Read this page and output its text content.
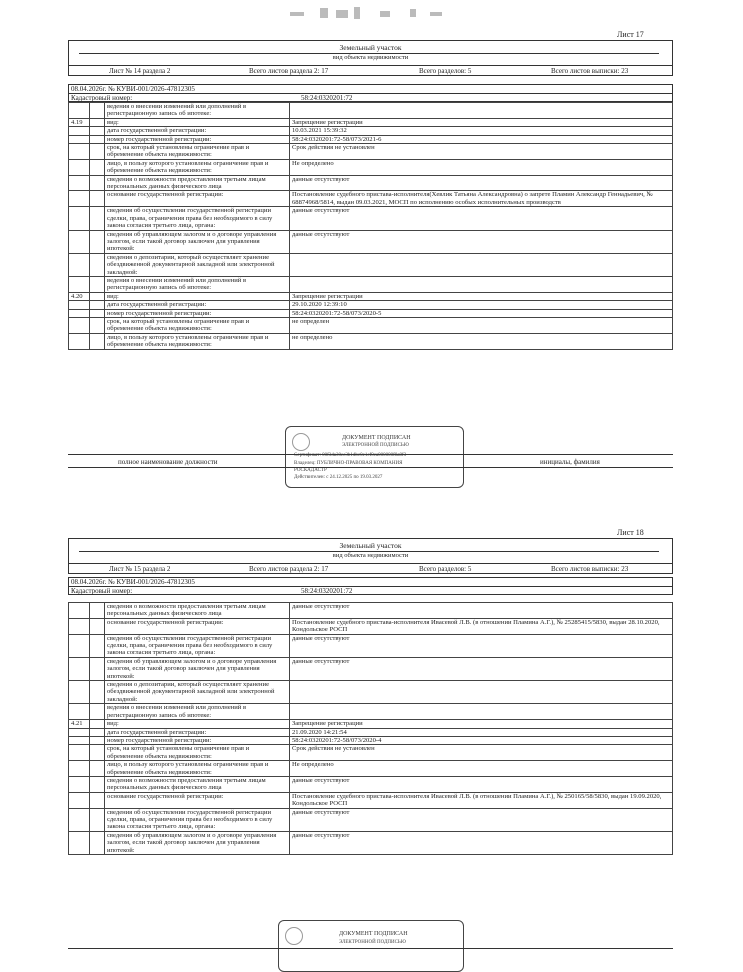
Лист 17
Земельный участок
вид объекта недвижимости
Лист № 14 раздела 2	Всего листов раздела 2: 17	Всего разделов: 5	Всего листов выписки: 23
08.04.2026г. № КУВИ-001/2026-47812305
Кадастровый номер:	58:24:0320201:72
		ведения о внесении изменений или дополнений в регистрационную запись об ипотеке:	
4.19		вид:	Запрещение регистрации
		дата государственной регистрации:	10.03.2021 15:39:32
		номер государственной регистрации:	58:24:0320201:72-58/073/2021-6
		срок, на который установлены ограничение прав и обременение объекта недвижимости:	Срок действия не установлен
		лицо, в пользу которого установлены ограничение прав и обременение объекта недвижимости:	Не определено
		сведения о возможности предоставления третьим лицам персональных данных физического лица	данные отсутствуют
		основание государственной регистрации:	Постановление судебного пристава-исполнителя(Хевлик Татьяна Александровна) о запрете Пламин Александр Геннадьевич, № 68874968/5814, выдан 09.03.2021, МОСП по исполнению особых исполнительных производств
		сведения об осуществлении государственной регистрации сделки, права, ограничения права без необходимого в силу закона согласия третьего лица, органа:	данные отсутствуют
		сведения об управляющем залогом и о договоре управления залогом, если такой договор заключен для управления ипотекой:	данные отсутствуют
		сведения о депозитарии, который осуществляет хранение обездвиженной документарной закладной или электронной закладной:	
		ведения о внесении изменений или дополнений в регистрационную запись об ипотеке:	
4.20		вид:	Запрещение регистрации
		дата государственной регистрации:	29.10.2020 12:39:10
		номер государственной регистрации:	58:24:0320201:72-58/073/2020-5
		срок, на который установлены ограничение прав и обременение объекта недвижимости:	не определен
		лицо, в пользу которого установлены ограничение прав и обременение объекта недвижимости:	не определено
ДОКУМЕНТ ПОДПИСАН
ЭЛЕКТРОННОЙ ПОДПИСЬЮ
Сертификат: 00f3da30ee3b1dbc0e1cf0ca000000f8a0f3
Владелец: ПУБЛИЧНО-ПРАВОВАЯ КОМПАНИЯ
РОСКАДАСТР
Действителен: с 24.12.2025 по 19.03.2027
полное наименование должности	инициалы, фамилия
Лист 18
Земельный участок
вид объекта недвижимости
Лист № 15 раздела 2	Всего листов раздела 2: 17	Всего разделов: 5	Всего листов выписки: 23
08.04.2026г. № КУВИ-001/2026-47812305
Кадастровый номер:	58:24:0320201:72
		сведения о возможности предоставления третьим лицам персональных данных физического лица	данные отсутствуют
		основание государственной регистрации:	Постановление судебного пристава-исполнителя Ивасевой Л.В. (в отношении Пламина А.Г.), № 25285415/5830, выдан 28.10.2020, Кондольское РОСП
		сведения об осуществлении государственной регистрации сделки, права, ограничения права без необходимого в силу закона согласия третьего лица, органа:	данные отсутствуют
		сведения об управляющем залогом и о договоре управления залогом, если такой договор заключен для управления ипотекой:	данные отсутствуют
		сведения о депозитарии, который осуществляет хранение обездвиженной документарной закладной или электронной закладной:	
		ведения о внесении изменений или дополнений в регистрационную запись об ипотеке:	
4.21		вид:	Запрещение регистрации
		дата государственной регистрации:	21.09.2020 14:21:54
		номер государственной регистрации:	58:24:0320201:72-58/073/2020-4
		срок, на который установлены ограничение прав и обременение объекта недвижимости:	Срок действия не установлен
		лицо, в пользу которого установлены ограничение прав и обременение объекта недвижимости:	Не определено
		сведения о возможности предоставления третьим лицам персональных данных физического лица	данные отсутствуют
		основание государственной регистрации:	Постановление судебного пристава-исполнителя Ивасевой Л.В. (в отношении Пламина А.Г.), № 250165/58/5830, выдан 19.09.2020, Кондольское РОСП
		сведения об осуществлении государственной регистрации сделки, права, ограничения права без необходимого в силу закона согласия третьего лица, органа:	данные отсутствуют
		сведения об управляющем залогом и о договоре управления залогом, если такой договор заключен для управления ипотекой:	данные отсутствуют
ДОКУМЕНТ ПОДПИСАН
ЭЛЕКТРОННОЙ ПОДПИСЬЮ
